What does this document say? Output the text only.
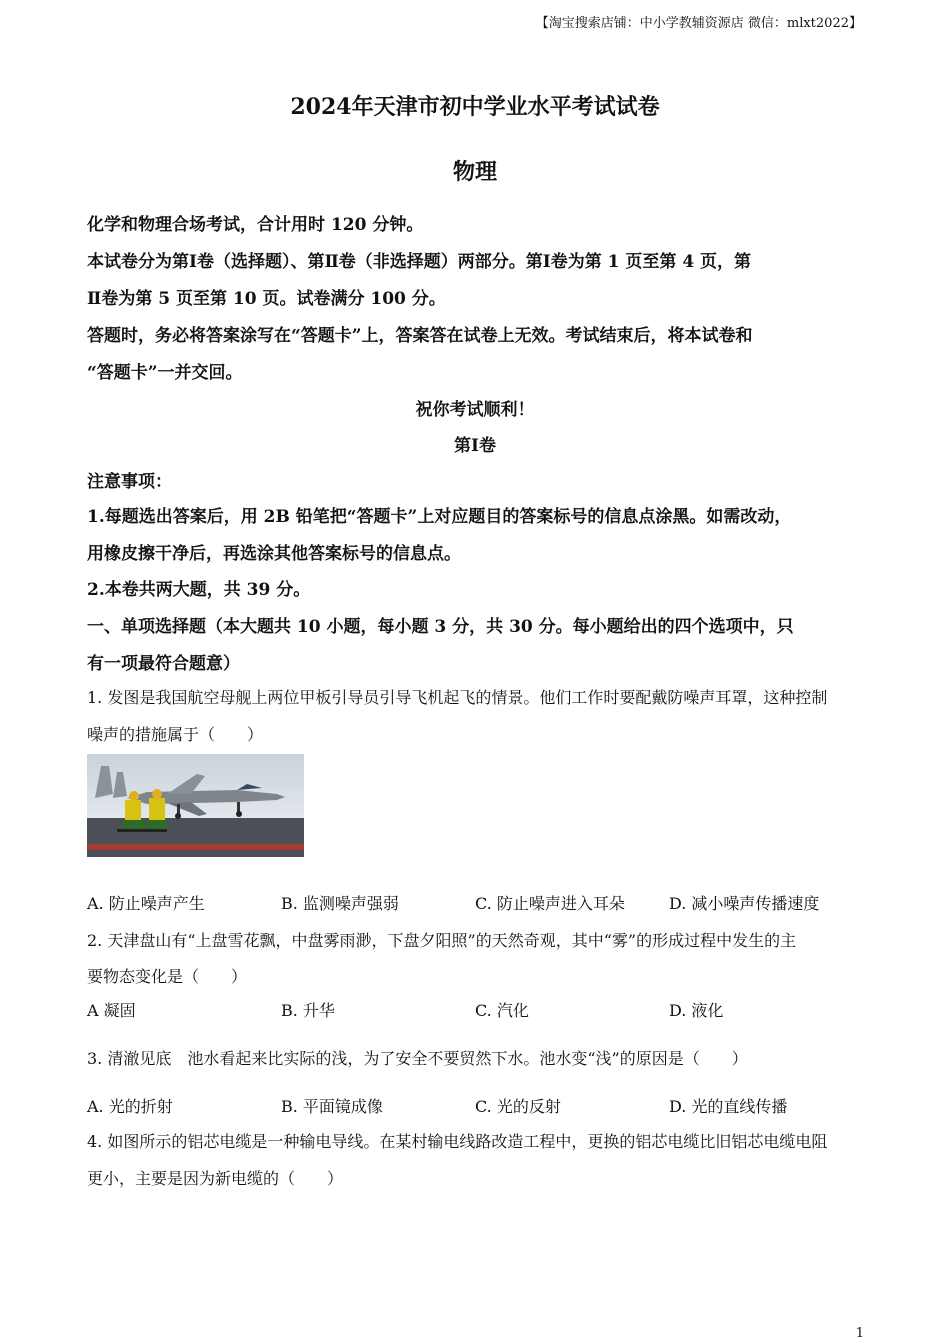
【淘宝搜索店铺：中小学教辅资源店 微信：mlxt2022】
2024年天津市初中学业水平考试试卷
物理
化学和物理合场考试，合计用时 120 分钟。
本试卷分为第Ⅰ卷（选择题）、第Ⅱ卷（非选择题）两部分。第Ⅰ卷为第 1 页至第 4 页，第
Ⅱ卷为第 5 页至第 10 页。试卷满分 100 分。
答题时，务必将答案涂写在“答题卡”上，答案答在试卷上无效。考试结束后，将本试卷和
“答题卡”一并交回。
祝你考试顺利！
第Ⅰ卷
注意事项：
1.每题选出答案后，用 2B 铅笔把“答题卡”上对应题目的答案标号的信息点涂黑。如需改动，
用橡皮擦干净后，再选涂其他答案标号的信息点。
2.本卷共两大题，共 39 分。
一、单项选择题（本大题共 10 小题，每小题 3 分，共 30 分。每小题给出的四个选项中，只
有一项最符合题意）
1. 发图是我国航空母舰上两位甲板引导员引导飞机起飞的情景。他们工作时要配戴防噪声耳罩，这种控制
噪声的措施属于（　　）
A. 防止噪声产生	B. 监测噪声强弱	C. 防止噪声进入耳朵	D. 减小噪声传播速度
2. 天津盘山有“上盘雪花飘，中盘雾雨渺，下盘夕阳照”的天然奇观，其中“雾”的形成过程中发生的主
要物态变化是（　　）
A 凝固	B. 升华	C. 汽化	D. 液化
3. 清澈见底　池水看起来比实际的浅，为了安全不要贸然下水。池水变“浅”的原因是（　　）
A. 光的折射	B. 平面镜成像	C. 光的反射	D. 光的直线传播
4. 如图所示的铝芯电缆是一种输电导线。在某村输电线路改造工程中，更换的铝芯电缆比旧铝芯电缆电阻
更小，主要是因为新电缆的（　　）
1
